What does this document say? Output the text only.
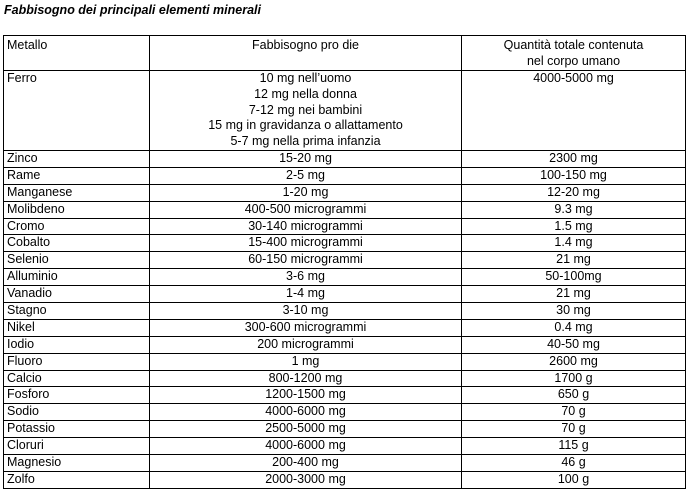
Fabbisogno dei principali elementi minerali
Metallo	Fabbisogno pro die	Quantità totale contenuta
nel corpo umano

Ferro	10 mg nell’uomo
12 mg nella donna
7-12 mg nei bambini
15 mg in gravidanza o allattamento
5-7 mg nella prima infanzia	4000-5000 mg
Zinco	15-20 mg	2300 mg
Rame	2-5 mg	100-150 mg
Manganese	1-20 mg	12-20 mg
Molibdeno	400-500 microgrammi	9.3 mg
Cromo	30-140 microgrammi	1.5 mg
Cobalto	15-400 microgrammi	1.4 mg
Selenio	60-150 microgrammi	21 mg
Alluminio	3-6 mg	50-100mg
Vanadio	1-4 mg	21 mg
Stagno	3-10 mg	30 mg
Nikel	300-600 microgrammi	0.4 mg
Iodio	200 microgrammi	40-50 mg
Fluoro	1 mg	2600 mg
Calcio	800-1200 mg	1700 g
Fosforo	1200-1500 mg	650 g
Sodio	4000-6000 mg	70 g
Potassio	2500-5000 mg	70 g
Cloruri	4000-6000 mg	115 g
Magnesio	200-400 mg	46 g
Zolfo	2000-3000 mg	100 g
